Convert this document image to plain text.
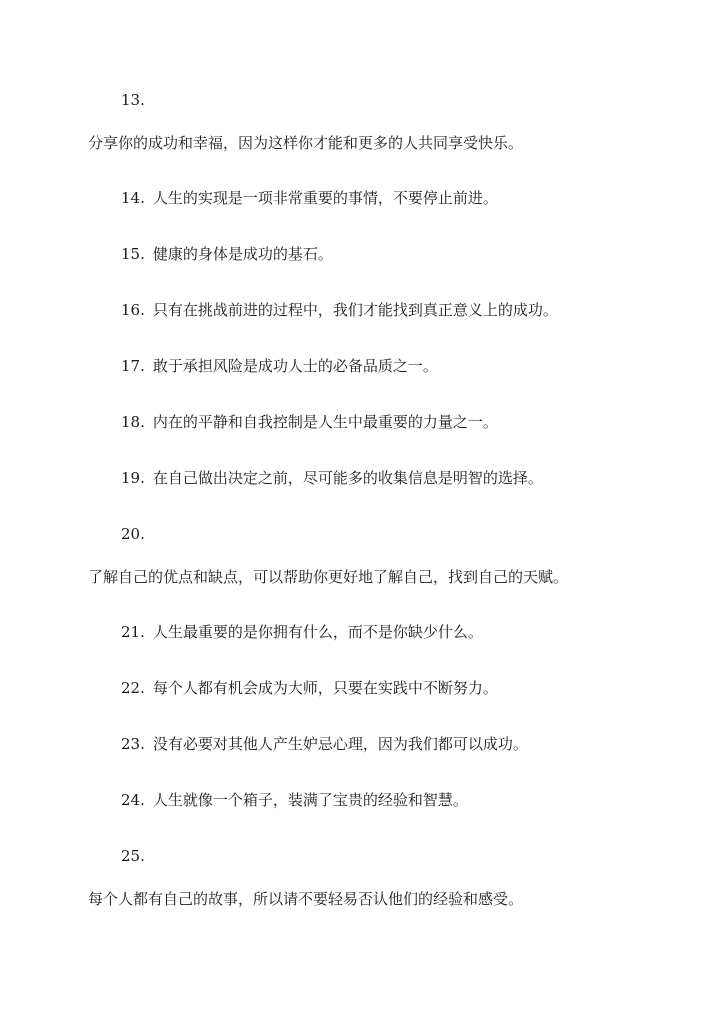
13.
分享你的成功和幸福，因为这样你才能和更多的人共同享受快乐。
14. 人生的实现是一项非常重要的事情，不要停止前进。
15. 健康的身体是成功的基石。
16. 只有在挑战前进的过程中，我们才能找到真正意义上的成功。
17. 敢于承担风险是成功人士的必备品质之一。
18. 内在的平静和自我控制是人生中最重要的力量之一。
19. 在自己做出决定之前，尽可能多的收集信息是明智的选择。
20.
了解自己的优点和缺点，可以帮助你更好地了解自己，找到自己的天赋。
21. 人生最重要的是你拥有什么，而不是你缺少什么。
22. 每个人都有机会成为大师，只要在实践中不断努力。
23. 没有必要对其他人产生妒忌心理，因为我们都可以成功。
24. 人生就像一个箱子，装满了宝贵的经验和智慧。
25.
每个人都有自己的故事，所以请不要轻易否认他们的经验和感受。
